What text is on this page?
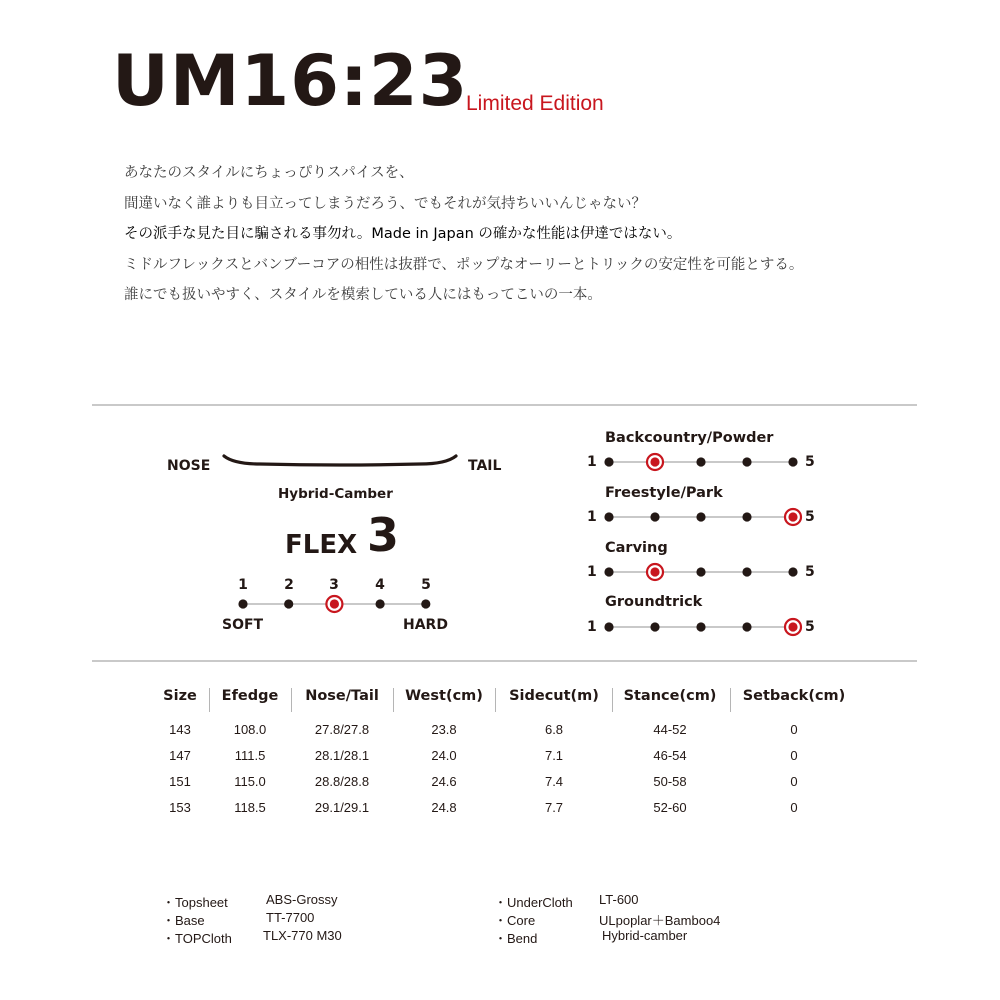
UM16:23
Limited Edition
あなたのスタイルにちょっぴりスパイスを、
間違いなく誰よりも目立ってしまうだろう、でもそれが気持ちいいんじゃない？
その派手な見た目に騙される事勿れ。Made in Japan の確かな性能は伊達ではない。
ミドルフレックスとバンブーコアの相性は抜群で、ポップなオーリーとトリックの安定性を可能とする。
誰にでも扱いやすく、スタイルを模索している人にはもってこいの一本。
NOSE	TAIL
Hybrid-Camber
FLEX 3
1	2	3	4	5
SOFT	HARD
Backcountry/Powder
1	5
Freestyle/Park
1	5
Carving
1	5
Groundtrick
1	5
Size Efedge Nose/Tail West(cm) Sidecut(m) Stance(cm) Setback(cm)
143	108.0	27.8/27.8	23.8	6.8	44-52	0
147	111.5	28.1/28.1	24.0	7.1	46-54	0
151	115.0	28.8/28.8	24.6	7.4	50-58	0
153	118.5	29.1/29.1	24.8	7.7	52-60	0
・Topsheet	ABS-Grossy
・Base	TT-7700
・TOPCloth TLX-770 M30
・UnderCloth LT-600
・Core	ULpoplar＋Bamboo4
・Bend	Hybrid-camber
